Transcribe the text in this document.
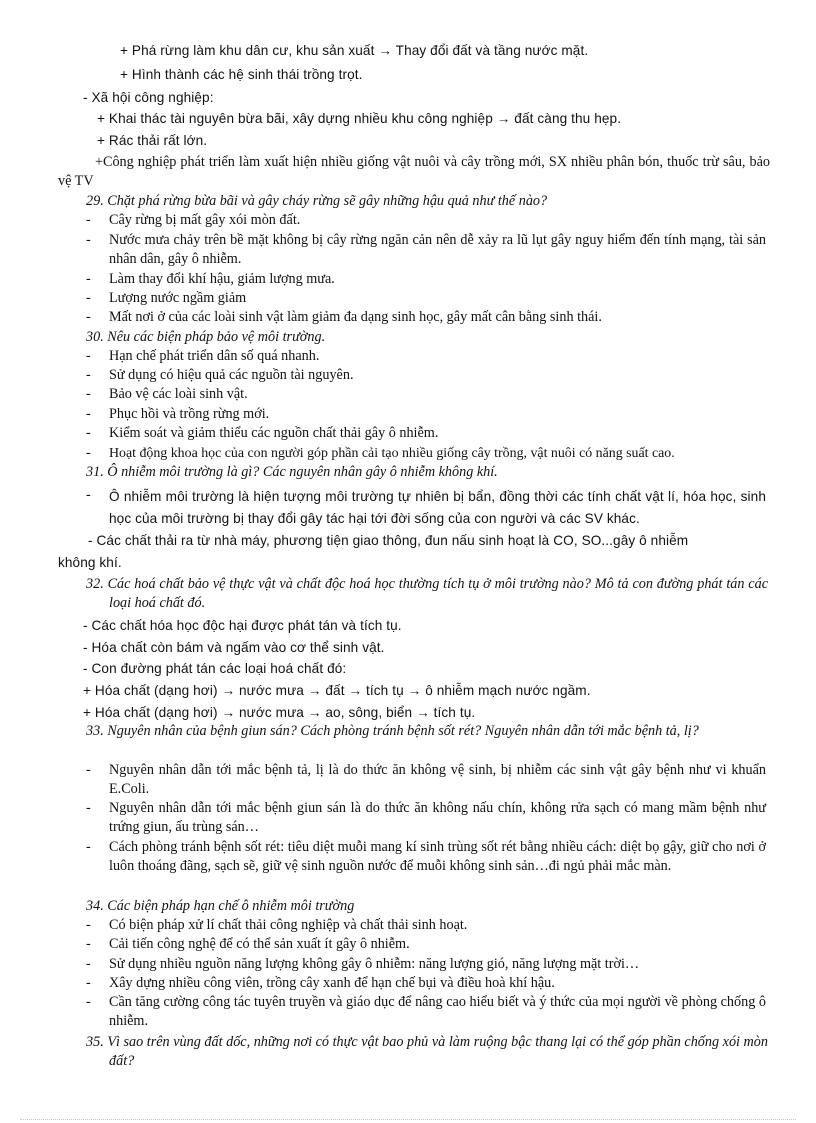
+ Phá rừng làm khu dân cư, khu sản xuất → Thay đổi đất và tầng nước mặt.
+ Hình thành các hệ sinh thái trồng trọt.
- Xã hội công nghiệp:
+ Khai thác tài nguyên bừa bãi, xây dựng nhiều khu công nghiệp → đất càng thu hẹp.
+ Rác thải rất lớn.
+Công nghiệp phát triển làm xuất hiện nhiều giống vật nuôi và cây trồng mới, SX nhiều phân bón, thuốc trừ sâu, bảo vệ TV
29. Chặt phá rừng bừa bãi và gây cháy rừng sẽ gây những hậu quả như thế nào?
- Cây rừng bị mất gây xói mòn đất.
- Nước mưa chảy trên bề mặt không bị cây rừng ngăn cản nên dễ xảy ra lũ lụt gây nguy hiểm đến tính mạng, tài sản nhân dân, gây ô nhiễm.
- Làm thay đổi khí hậu, giảm lượng mưa.
- Lượng nước ngầm giảm
- Mất nơi ở của các loài sinh vật làm giảm đa dạng sinh học, gây mất cân bằng sinh thái.
30. Nêu các biện pháp bảo vệ môi trường.
- Hạn chế phát triển dân số quá nhanh.
- Sử dụng có hiệu quả các nguồn tài nguyên.
- Bảo vệ các loài sinh vật.
- Phục hồi và trồng rừng mới.
- Kiểm soát và giảm thiểu các nguồn chất thải gây ô nhiễm.
- Hoạt động khoa học của con người góp phần cải tạo nhiều giống cây trồng, vật nuôi có năng suất cao.
31. Ô nhiễm môi trường là gì? Các nguyên nhân gây ô nhiễm không khí.
- Ô nhiễm môi trường là hiện tượng môi trường tự nhiên bị bẩn, đồng thời các tính chất vật lí, hóa học, sinh học của môi trường bị thay đổi gây tác hại tới đời sống của con người và các SV khác.
- Các chất thải ra từ nhà máy, phương tiện giao thông, đun nấu sinh hoạt là CO, SO...gây ô nhiễm
không khí.
32. Các hoá chất bảo vệ thực vật và chất độc hoá học thường tích tụ ở môi trường nào? Mô tả con đường phát tán các loại hoá chất đó.
- Các chất hóa học độc hại được phát tán và tích tụ.
- Hóa chất còn bám và ngấm vào cơ thể sinh vật.
- Con đường phát tán các loại hoá chất đó:
+ Hóa chất (dạng hơi) → nước mưa → đất → tích tụ → ô nhiễm mạch nước ngầm.
+ Hóa chất (dạng hơi) → nước mưa → ao, sông, biển → tích tụ.
33. Nguyên nhân của bệnh giun sán? Cách phòng tránh bệnh sốt rét? Nguyên nhân dẫn tới mắc bệnh tả, lị?
- Nguyên nhân dẫn tới mắc bệnh tả, lị là do thức ăn không vệ sinh, bị nhiễm các sinh vật gây bệnh như vi khuẩn E.Coli.
- Nguyên nhân dẫn tới mắc bệnh giun sán là do thức ăn không nấu chín, không rửa sạch có mang mầm bệnh như trứng giun, ấu trùng sán…
- Cách phòng tránh bệnh sốt rét: tiêu diệt muỗi mang kí sinh trùng sốt rét bằng nhiều cách: diệt bọ gậy, giữ cho nơi ở luôn thoáng đãng, sạch sẽ, giữ vệ sinh nguồn nước để muỗi không sinh sản…đi ngủ phải mắc màn.
34. Các biện pháp hạn chế ô nhiễm môi trường
- Có biện pháp xử lí chất thải công nghiệp và chất thải sinh hoạt.
- Cải tiến công nghệ để có thể sản xuất ít gây ô nhiễm.
- Sử dụng nhiều nguồn năng lượng không gây ô nhiễm: năng lượng gió, năng lượng mặt trời…
- Xây dựng nhiều công viên, trồng cây xanh để hạn chế bụi và điều hoà khí hậu.
- Cần tăng cường công tác tuyên truyền và giáo dục để nâng cao hiểu biết và ý thức của mọi người về phòng chống ô nhiễm.
35. Vì sao trên vùng đất dốc, những nơi có thực vật bao phủ và làm ruộng bậc thang lại có thể góp phần chống xói mòn đất?
